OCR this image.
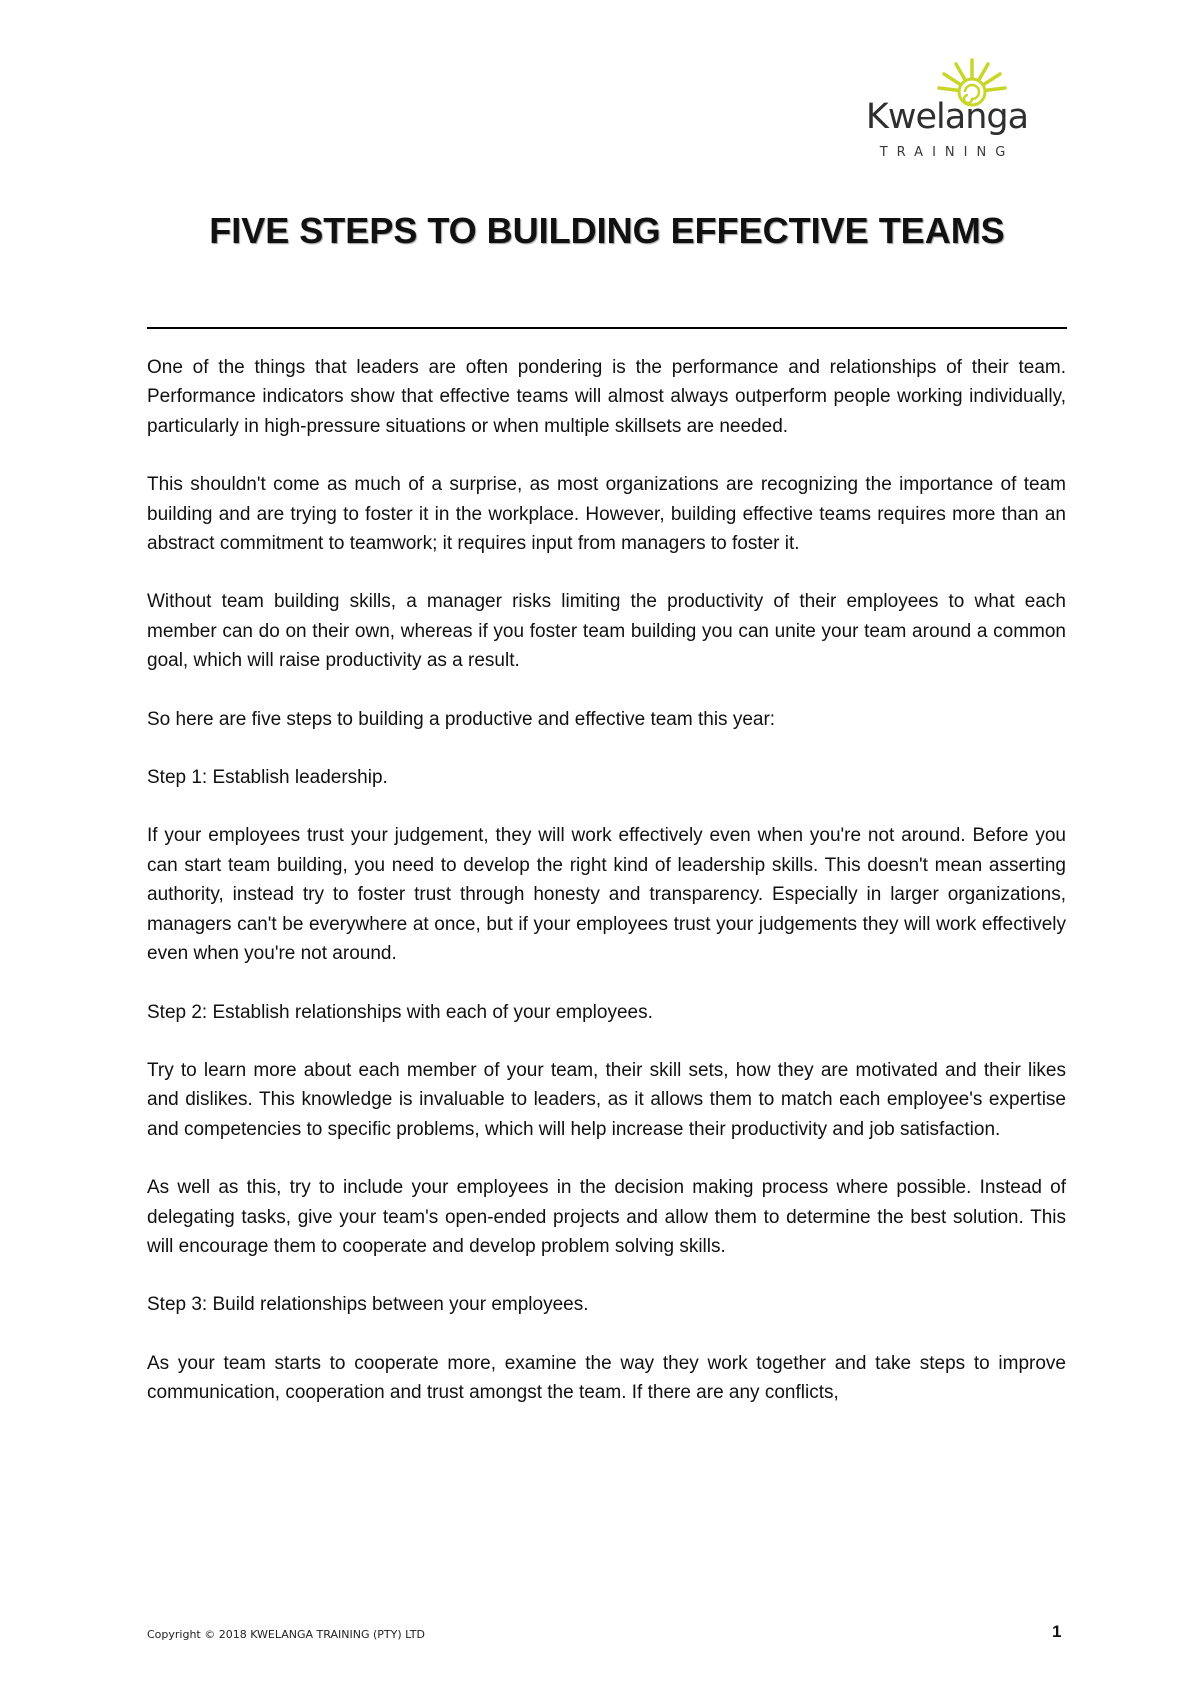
Kwelanga
TRAINING
FIVE STEPS TO BUILDING EFFECTIVE TEAMS

One of the things that leaders are often pondering is the performance and relationships of their team. Performance indicators show that effective teams will almost always outperform people working individually, particularly in high-pressure situations or when multiple skillsets are needed.

This shouldn't come as much of a surprise, as most organizations are recognizing the importance of team building and are trying to foster it in the workplace. However, building effective teams requires more than an abstract commitment to teamwork; it requires input from managers to foster it.

Without team building skills, a manager risks limiting the productivity of their employees to what each member can do on their own, whereas if you foster team building you can unite your team around a common goal, which will raise productivity as a result.

So here are five steps to building a productive and effective team this year:

Step 1: Establish leadership.

If your employees trust your judgement, they will work effectively even when you're not around. Before you can start team building, you need to develop the right kind of leadership skills. This doesn't mean asserting authority, instead try to foster trust through honesty and transparency. Especially in larger organizations, managers can't be everywhere at once, but if your employees trust your judgements they will work effectively even when you're not around.

Step 2: Establish relationships with each of your employees.

Try to learn more about each member of your team, their skill sets, how they are motivated and their likes and dislikes. This knowledge is invaluable to leaders, as it allows them to match each employee's expertise and competencies to specific problems, which will help increase their productivity and job satisfaction.

As well as this, try to include your employees in the decision making process where possible. Instead of delegating tasks, give your team's open-ended projects and allow them to determine the best solution. This will encourage them to cooperate and develop problem solving skills.

Step 3: Build relationships between your employees.

As your team starts to cooperate more, examine the way they work together and take steps to improve communication, cooperation and trust amongst the team. If there are any conflicts,

Copyright © 2018 KWELANGA TRAINING (PTY) LTD	1
